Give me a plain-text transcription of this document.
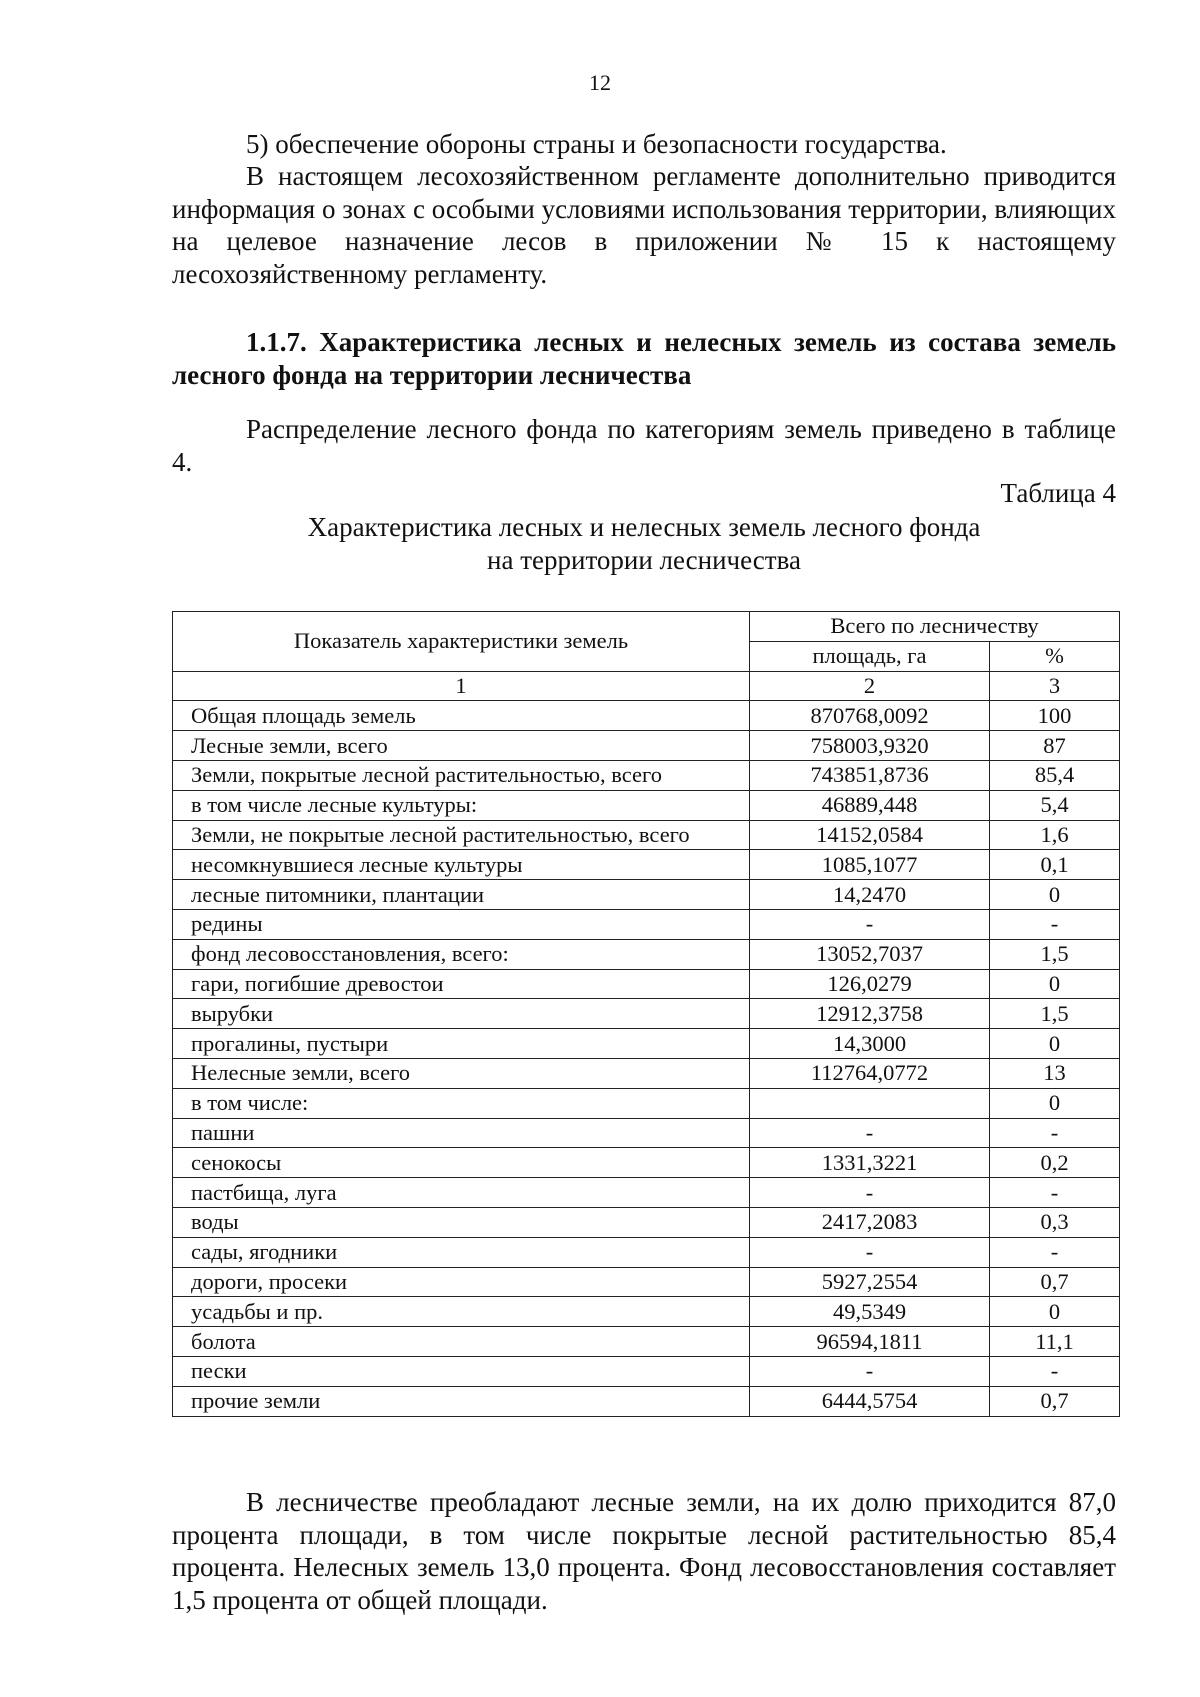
12

5) обеспечение обороны страны и безопасности государства.

В настоящем лесохозяйственном регламенте дополнительно приводится информация о зонах с особыми условиями использования территории, влияющих на целевое назначение лесов в приложении № 15 к настоящему лесохозяйственному регламенту.

1.1.7. Характеристика лесных и нелесных земель из состава земель лесного фонда на территории лесничества

Распределение лесного фонда по категориям земель приведено в таблице 4.

Таблица 4
Характеристика лесных и нелесных земель лесного фонда
на территории лесничества
Показатель характеристики земель	Всего по лесничеству	
	площадь, га	%
1	2	3
Общая площадь земель	870768,0092	100
Лесные земли, всего	758003,9320	87
Земли, покрытые лесной растительностью, всего	743851,8736	85,4
в том числе лесные культуры:	46889,448	5,4
Земли, не покрытые лесной растительностью, всего	14152,0584	1,6
несомкнувшиеся лесные культуры	1085,1077	0,1
лесные питомники, плантации	14,2470	0
редины	-	-
фонд лесовосстановления, всего:	13052,7037	1,5
гари, погибшие древостои	126,0279	0
вырубки	12912,3758	1,5
прогалины, пустыри	14,3000	0
Нелесные земли, всего	112764,0772	13
в том числе:		0
пашни	-	-
сенокосы	1331,3221	0,2
пастбища, луга	-	-
воды	2417,2083	0,3
сады, ягодники	-	-
дороги, просеки	5927,2554	0,7
усадьбы и пр.	49,5349	0
болота	96594,1811	11,1
пески	-	-
прочие земли	6444,5754	0,7

В лесничестве преобладают лесные земли, на их долю приходится 87,0 процента площади, в том числе покрытые лесной растительностью 85,4 процента. Нелесных земель 13,0 процента. Фонд лесовосстановления составляет 1,5 процента от общей площади.
